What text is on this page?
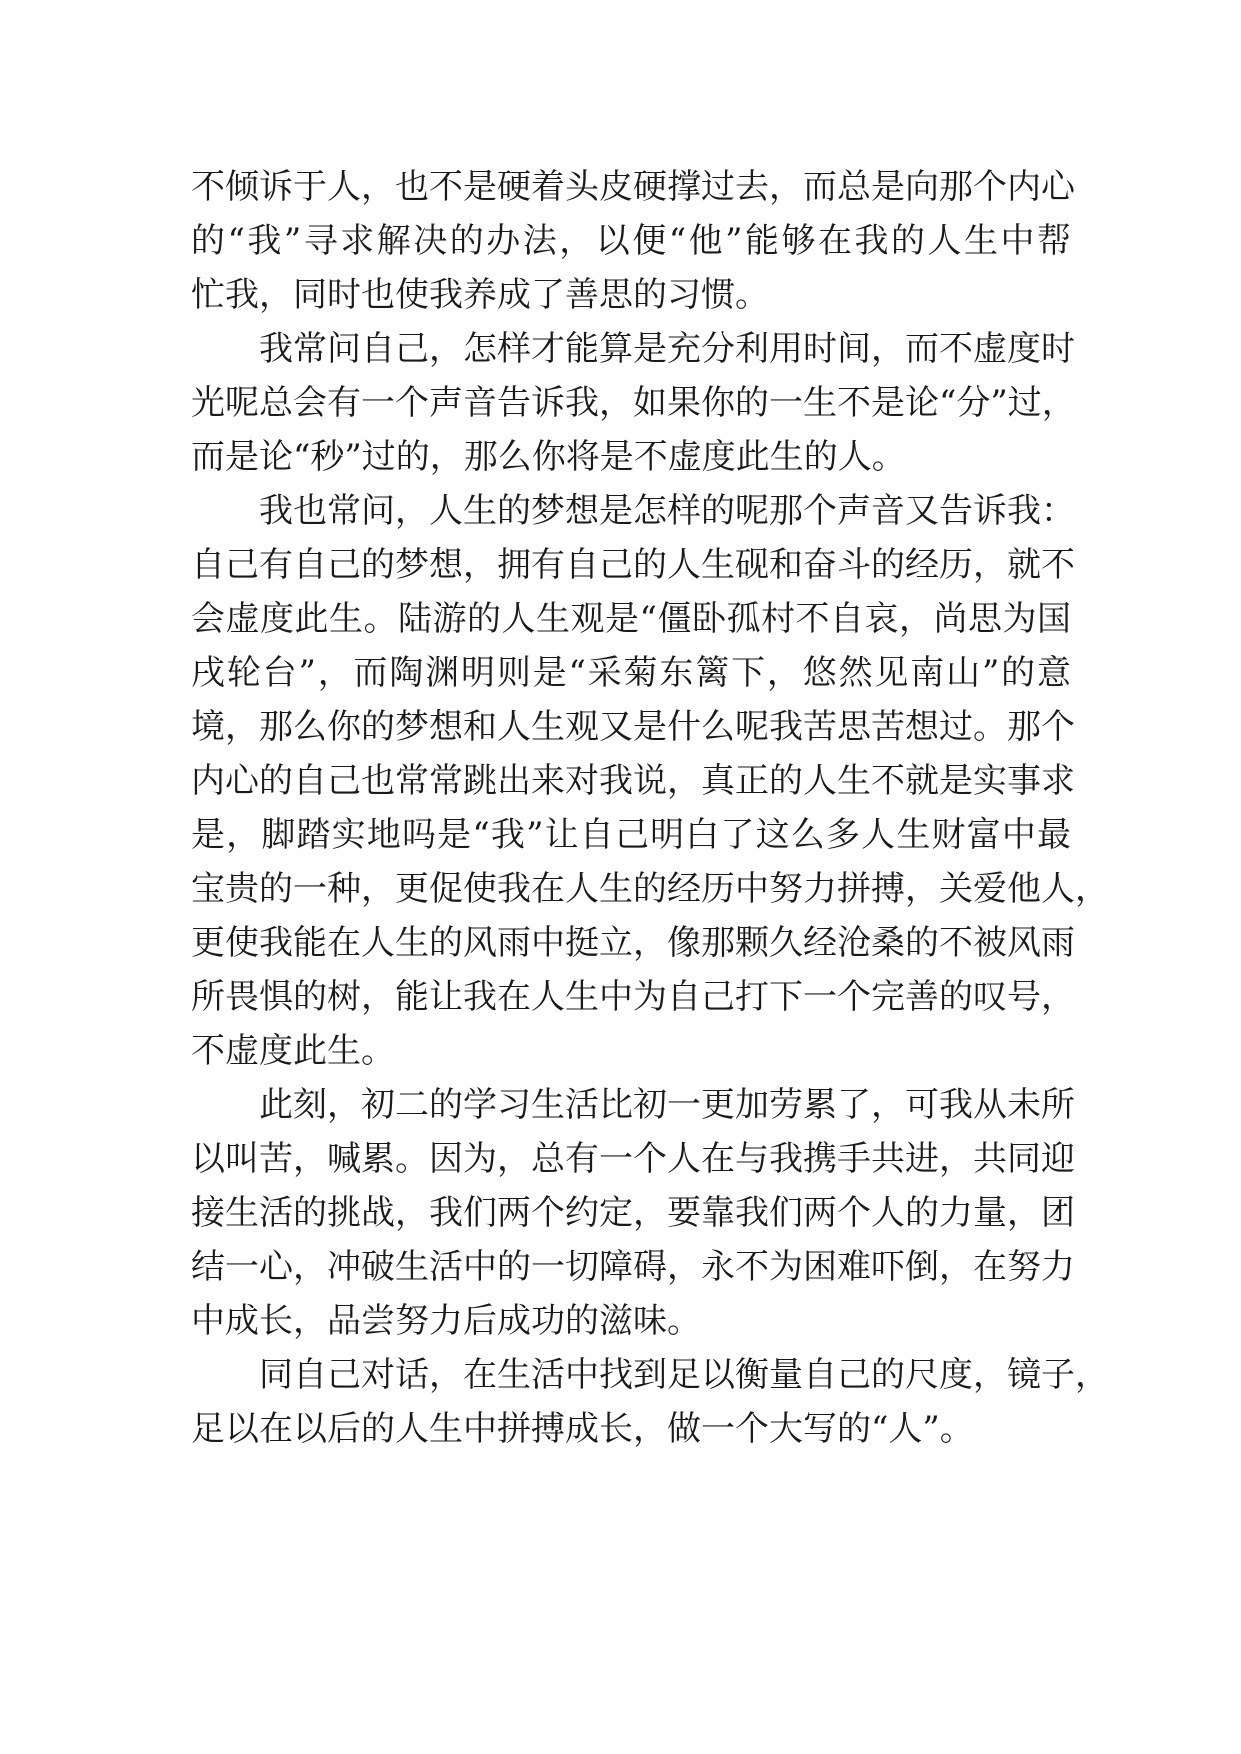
不倾诉于人，也不是硬着头皮硬撑过去，而总是向那个内心
的“我”寻求解决的办法，以便“他”能够在我的人生中帮
忙我，同时也使我养成了善思的习惯。
我常问自己，怎样才能算是充分利用时间，而不虚度时
光呢总会有一个声音告诉我，如果你的一生不是论“分”过，
而是论“秒”过的，那么你将是不虚度此生的人。
我也常问，人生的梦想是怎样的呢那个声音又告诉我：
自己有自己的梦想，拥有自己的人生砚和奋斗的经历，就不
会虚度此生。陆游的人生观是“僵卧孤村不自哀，尚思为国
戌轮台”，而陶渊明则是“采菊东篱下，悠然见南山”的意
境，那么你的梦想和人生观又是什么呢我苦思苦想过。那个
内心的自己也常常跳出来对我说，真正的人生不就是实事求
是，脚踏实地吗是“我”让自己明白了这么多人生财富中最
宝贵的一种，更促使我在人生的经历中努力拼搏，关爱他人，
更使我能在人生的风雨中挺立，像那颗久经沧桑的不被风雨
所畏惧的树，能让我在人生中为自己打下一个完善的叹号，
不虚度此生。
此刻，初二的学习生活比初一更加劳累了，可我从未所
以叫苦，喊累。因为，总有一个人在与我携手共进，共同迎
接生活的挑战，我们两个约定，要靠我们两个人的力量，团
结一心，冲破生活中的一切障碍，永不为困难吓倒，在努力
中成长，品尝努力后成功的滋味。
同自己对话，在生活中找到足以衡量自己的尺度，镜子，
足以在以后的人生中拼搏成长，做一个大写的“人”。
